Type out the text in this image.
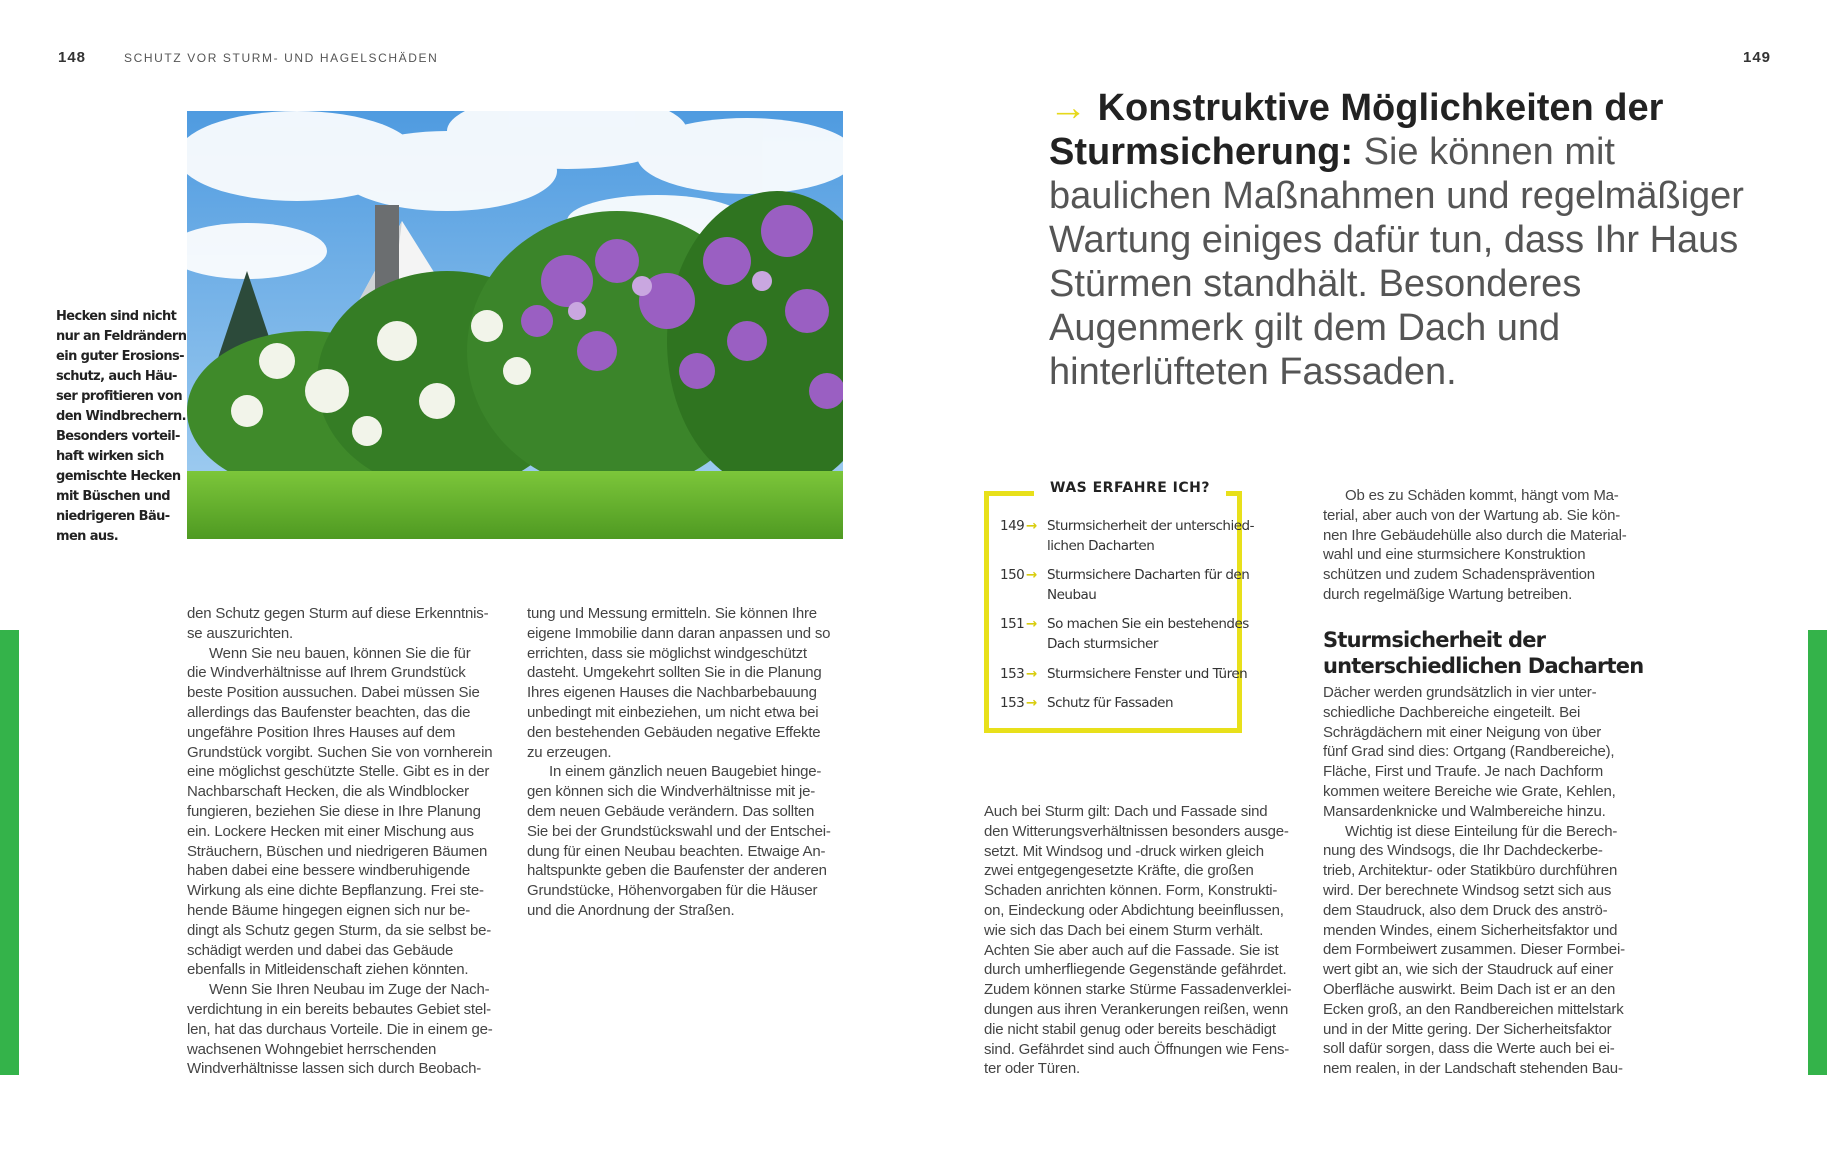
148	SCHUTZ VOR STURM- UND HAGELSCHÄDEN	149
Hecken sind nicht
nur an Feldrändern
ein guter Erosions-
schutz, auch Häu-
ser profitieren von
den Windbrechern.
Besonders vorteil-
haft wirken sich
gemischte Hecken
mit Büschen und
niedrigeren Bäu-
men aus.
→ Konstruktive Möglichkeiten der Sturmsicherung: Sie können mit baulichen Maßnahmen und regelmäßiger Wartung einiges dafür tun, dass Ihr Haus Stürmen standhält. Besonderes Augenmerk gilt dem Dach und hinterlüfteten Fassaden.
WAS ERFAHRE ICH?
149 → Sturmsicherheit der unterschied-
lichen Dacharten
150 → Sturmsichere Dacharten für den
Neubau
151 → So machen Sie ein bestehendes
Dach sturmsicher
153 → Sturmsichere Fenster und Türen
153 → Schutz für Fassaden

den Schutz gegen Sturm auf diese Erkenntnis-
se auszurichten.

Wenn Sie neu bauen, können Sie die für
die Windverhältnisse auf Ihrem Grundstück
beste Position aussuchen. Dabei müssen Sie
allerdings das Baufenster beachten, das die
ungefähre Position Ihres Hauses auf dem
Grundstück vorgibt. Suchen Sie von vornherein
eine möglichst geschützte Stelle. Gibt es in der
Nachbarschaft Hecken, die als Windblocker
fungieren, beziehen Sie diese in Ihre Planung
ein. Lockere Hecken mit einer Mischung aus
Sträuchern, Büschen und niedrigeren Bäumen
haben dabei eine bessere windberuhigende
Wirkung als eine dichte Bepflanzung. Frei ste-
hende Bäume hingegen eignen sich nur be-
dingt als Schutz gegen Sturm, da sie selbst be-
schädigt werden und dabei das Gebäude
ebenfalls in Mitleidenschaft ziehen könnten.

Wenn Sie Ihren Neubau im Zuge der Nach-
verdichtung in ein bereits bebautes Gebiet stel-
len, hat das durchaus Vorteile. Die in einem ge-
wachsenen Wohngebiet herrschenden
Windverhältnisse lassen sich durch Beobach-

tung und Messung ermitteln. Sie können Ihre
eigene Immobilie dann daran anpassen und so
errichten, dass sie möglichst windgeschützt
dasteht. Umgekehrt sollten Sie in die Planung
Ihres eigenen Hauses die Nachbarbebauung
unbedingt mit einbeziehen, um nicht etwa bei
den bestehenden Gebäuden negative Effekte
zu erzeugen.

In einem gänzlich neuen Baugebiet hinge-
gen können sich die Windverhältnisse mit je-
dem neuen Gebäude verändern. Das sollten
Sie bei der Grundstückswahl und der Entschei-
dung für einen Neubau beachten. Etwaige An-
haltspunkte geben die Baufenster der anderen
Grundstücke, Höhenvorgaben für die Häuser
und die Anordnung der Straßen.

Auch bei Sturm gilt: Dach und Fassade sind
den Witterungsverhältnissen besonders ausge-
setzt. Mit Windsog und -druck wirken gleich
zwei entgegengesetzte Kräfte, die großen
Schaden anrichten können. Form, Konstrukti-
on, Eindeckung oder Abdichtung beeinflussen,
wie sich das Dach bei einem Sturm verhält.
Achten Sie aber auch auf die Fassade. Sie ist
durch umherfliegende Gegenstände gefährdet.
Zudem können starke Stürme Fassadenverklei-
dungen aus ihren Verankerungen reißen, wenn
die nicht stabil genug oder bereits beschädigt
sind. Gefährdet sind auch Öffnungen wie Fens-
ter oder Türen.

Ob es zu Schäden kommt, hängt vom Ma-
terial, aber auch von der Wartung ab. Sie kön-
nen Ihre Gebäudehülle also durch die Material-
wahl und eine sturmsichere Konstruktion
schützen und zudem Schadensprävention
durch regelmäßige Wartung betreiben.

Sturmsicherheit der
unterschiedlichen Dacharten

Dächer werden grundsätzlich in vier unter-
schiedliche Dachbereiche eingeteilt. Bei
Schrägdächern mit einer Neigung von über
fünf Grad sind dies: Ortgang (Randbereiche),
Fläche, First und Traufe. Je nach Dachform
kommen weitere Bereiche wie Grate, Kehlen,
Mansardenknicke und Walmbereiche hinzu.

Wichtig ist diese Einteilung für die Berech-
nung des Windsogs, die Ihr Dachdeckerbe-
trieb, Architektur- oder Statikbüro durchführen
wird. Der berechnete Windsog setzt sich aus
dem Staudruck, also dem Druck des anströ-
menden Windes, einem Sicherheitsfaktor und
dem Formbeiwert zusammen. Dieser Formbei-
wert gibt an, wie sich der Staudruck auf einer
Oberfläche auswirkt. Beim Dach ist er an den
Ecken groß, an den Randbereichen mittelstark
und in der Mitte gering. Der Sicherheitsfaktor
soll dafür sorgen, dass die Werte auch bei ei-
nem realen, in der Landschaft stehenden Bau-
